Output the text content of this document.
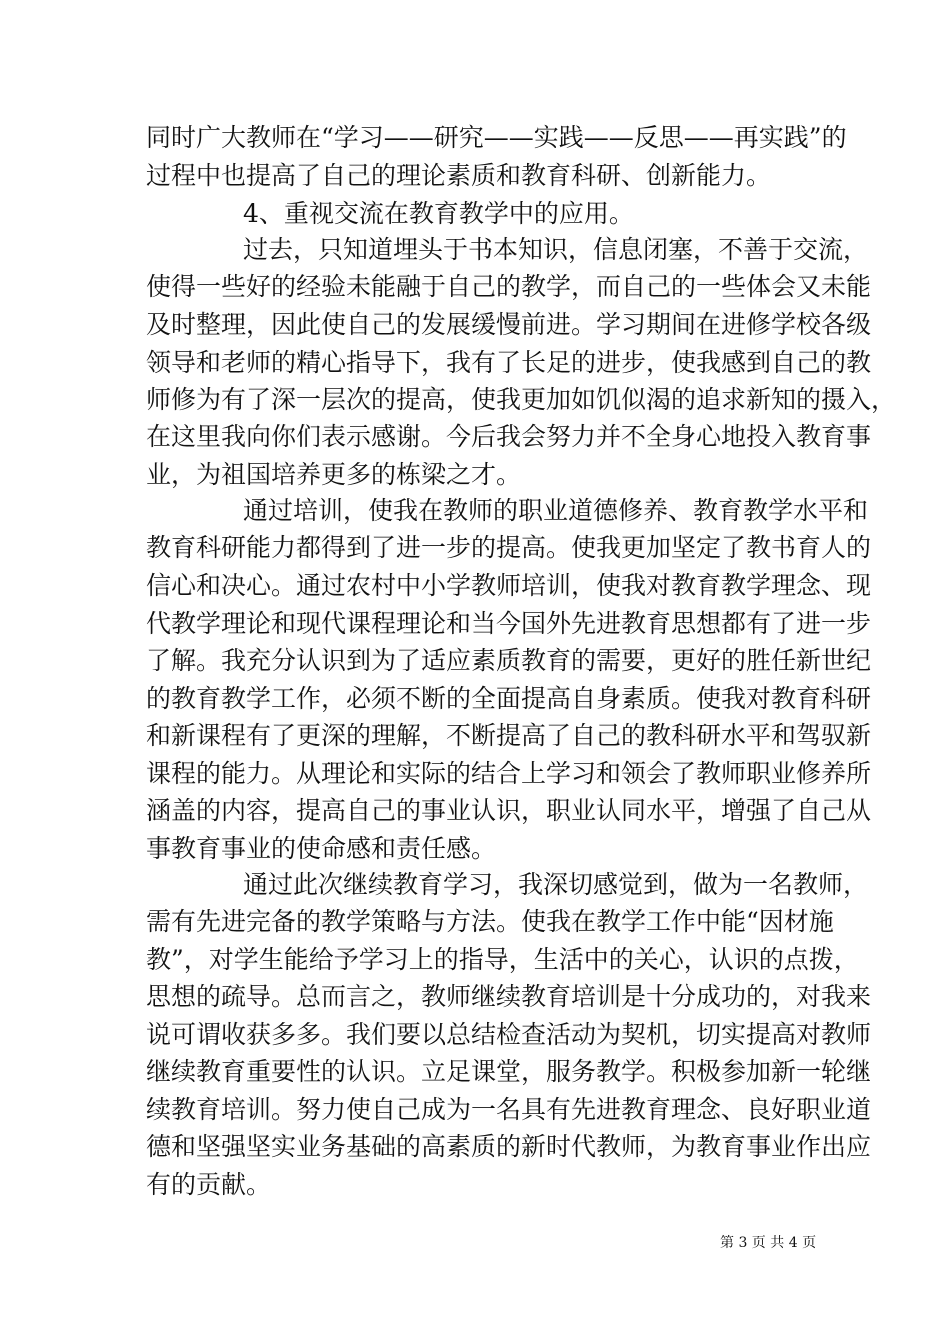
同时广大教师在“学习——研究——实践——反思——再实践”的
过程中也提高了自己的理论素质和教育科研、创新能力。
4、重视交流在教育教学中的应用。
过去，只知道埋头于书本知识，信息闭塞，不善于交流，
使得一些好的经验未能融于自己的教学，而自己的一些体会又未能
及时整理，因此使自己的发展缓慢前进。学习期间在进修学校各级
领导和老师的精心指导下，我有了长足的进步，使我感到自己的教
师修为有了深一层次的提高，使我更加如饥似渴的追求新知的摄入，
在这里我向你们表示感谢。今后我会努力并不全身心地投入教育事
业，为祖国培养更多的栋梁之才。
通过培训，使我在教师的职业道德修养、教育教学水平和
教育科研能力都得到了进一步的提高。使我更加坚定了教书育人的
信心和决心。通过农村中小学教师培训，使我对教育教学理念、现
代教学理论和现代课程理论和当今国外先进教育思想都有了进一步
了解。我充分认识到为了适应素质教育的需要，更好的胜任新世纪
的教育教学工作，必须不断的全面提高自身素质。使我对教育科研
和新课程有了更深的理解，不断提高了自己的教科研水平和驾驭新
课程的能力。从理论和实际的结合上学习和领会了教师职业修养所
涵盖的内容，提高自己的事业认识，职业认同水平，增强了自己从
事教育事业的使命感和责任感。
通过此次继续教育学习，我深切感觉到，做为一名教师，
需有先进完备的教学策略与方法。使我在教学工作中能“因材施
教”，对学生能给予学习上的指导，生活中的关心，认识的点拨，
思想的疏导。总而言之，教师继续教育培训是十分成功的，对我来
说可谓收获多多。我们要以总结检查活动为契机，切实提高对教师
继续教育重要性的认识。立足课堂，服务教学。积极参加新一轮继
续教育培训。努力使自己成为一名具有先进教育理念、良好职业道
德和坚强坚实业务基础的高素质的新时代教师，为教育事业作出应
有的贡献。
第 3 页 共 4 页
